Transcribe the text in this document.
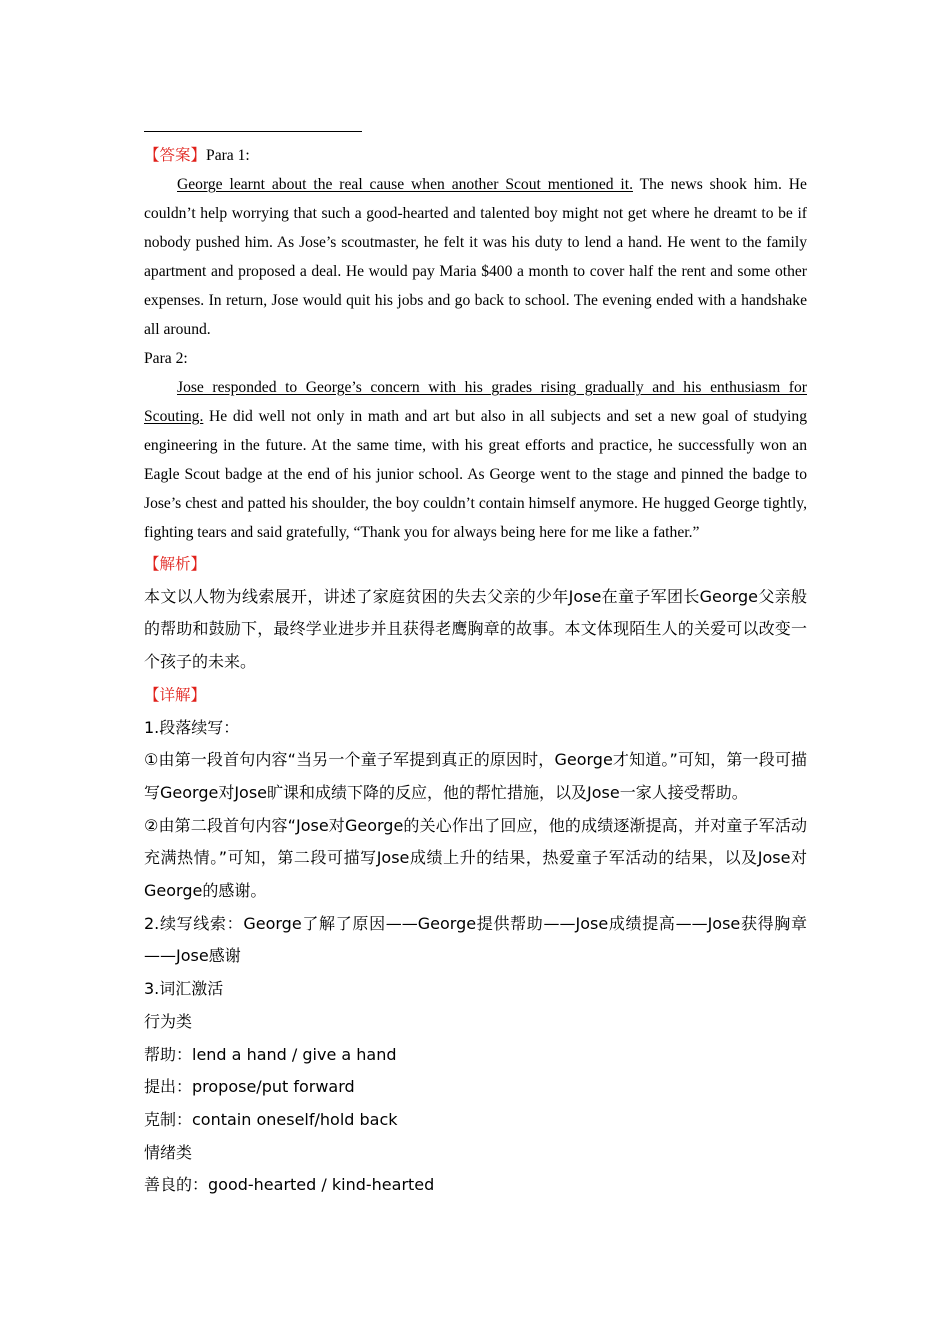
【答案】Para 1:

George learnt about the real cause when another Scout mentioned it. The news shook him. He couldn’t help worrying that such a good-hearted and talented boy might not get where he dreamt to be if nobody pushed him. As Jose’s scoutmaster, he felt it was his duty to lend a hand. He went to the family apartment and proposed a deal. He would pay Maria $400 a month to cover half the rent and some other expenses. In return, Jose would quit his jobs and go back to school. The evening ended with a handshake all around.

Para 2:

Jose responded to George’s concern with his grades rising gradually and his enthusiasm for Scouting. He did well not only in math and art but also in all subjects and set a new goal of studying engineering in the future. At the same time, with his great efforts and practice, he successfully won an Eagle Scout badge at the end of his junior school. As George went to the stage and pinned the badge to Jose’s chest and patted his shoulder, the boy couldn’t contain himself anymore. He hugged George tightly, fighting tears and said gratefully, “Thank you for always being here for me like a father.”

【解析】

本文以人物为线索展开，讲述了家庭贫困的失去父亲的少年Jose在童子军团长George父亲般的帮助和鼓励下，最终学业进步并且获得老鹰胸章的故事。本文体现陌生人的关爱可以改变一个孩子的未来。

【详解】

1.段落续写：

①由第一段首句内容“当另一个童子军提到真正的原因时，George才知道。”可知，第一段可描写George对Jose旷课和成绩下降的反应，他的帮忙措施，以及Jose一家人接受帮助。

②由第二段首句内容“Jose对George的关心作出了回应，他的成绩逐渐提高，并对童子军活动充满热情。”可知，第二段可描写Jose成绩上升的结果，热爱童子军活动的结果，以及Jose对George的感谢。

2.续写线索：George了解了原因——George提供帮助——Jose成绩提高——Jose获得胸章——Jose感谢

3.词汇激活

行为类

帮助：lend a hand / give a hand

提出：propose/put forward

克制：contain oneself/hold back

情绪类

善良的：good-hearted / kind-hearted
